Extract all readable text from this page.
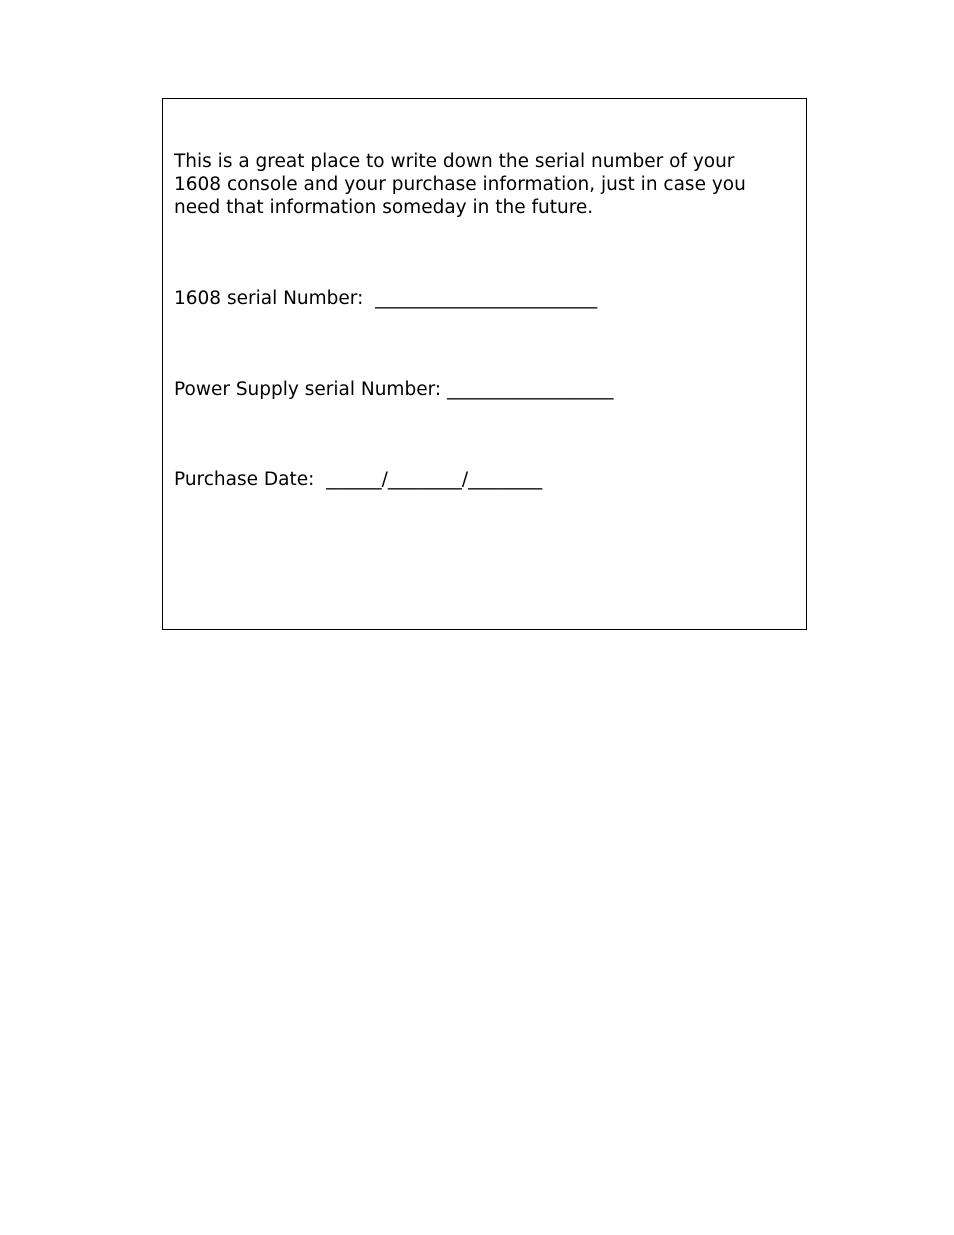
This is a great place to write down the serial number of your 1608 console and your purchase information, just in case you need that information someday in the future.

1608 serial Number:  ________________________
Power Supply serial Number: __________________
Purchase Date:  ______/________/________
